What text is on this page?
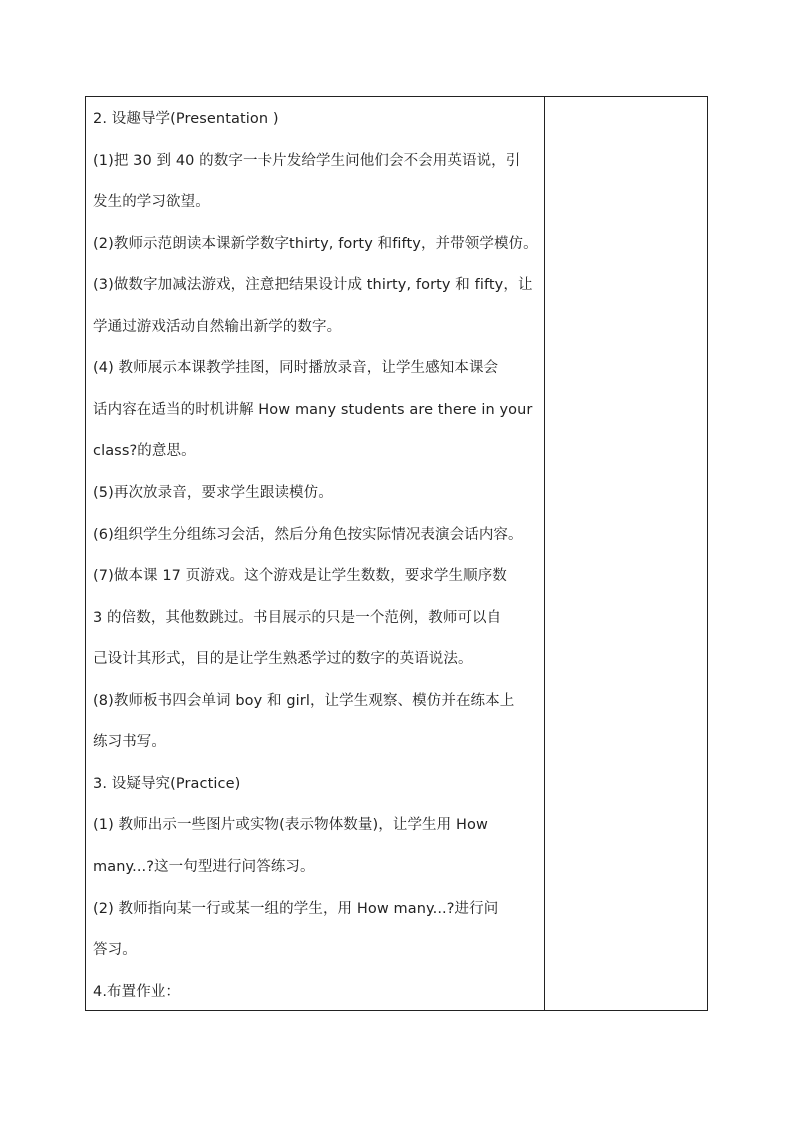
2. 设趣导学(Presentation )
(1)把 30 到 40 的数字一卡片发给学生问他们会不会用英语说，引
发生的学习欲望。
(2)教师示范朗读本课新学数字thirty, forty 和fifty，并带领学模仿。
(3)做数字加减法游戏，注意把结果设计成 thirty, forty 和 fifty，让
学通过游戏活动自然输出新学的数字。
(4) 教师展示本课教学挂图，同时播放录音，让学生感知本课会
话内容在适当的时机讲解 How many students are there in your
class?的意思。
(5)再次放录音，要求学生跟读模仿。
(6)组织学生分组练习会活，然后分角色按实际情况表演会话内容。
(7)做本课 17 页游戏。这个游戏是让学生数数，要求学生顺序数
3 的倍数，其他数跳过。书目展示的只是一个范例，教师可以自
己设计其形式，目的是让学生熟悉学过的数字的英语说法。
(8)教师板书四会单词 boy 和 girl，让学生观察、模仿并在练本上
练习书写。
3. 设疑导究(Practice)
(1) 教师出示一些图片或实物(表示物体数量)，让学生用 How
many...?这一句型进行问答练习。
(2) 教师指向某一行或某一组的学生，用 How many...?进行问
答习。
4.布置作业：
